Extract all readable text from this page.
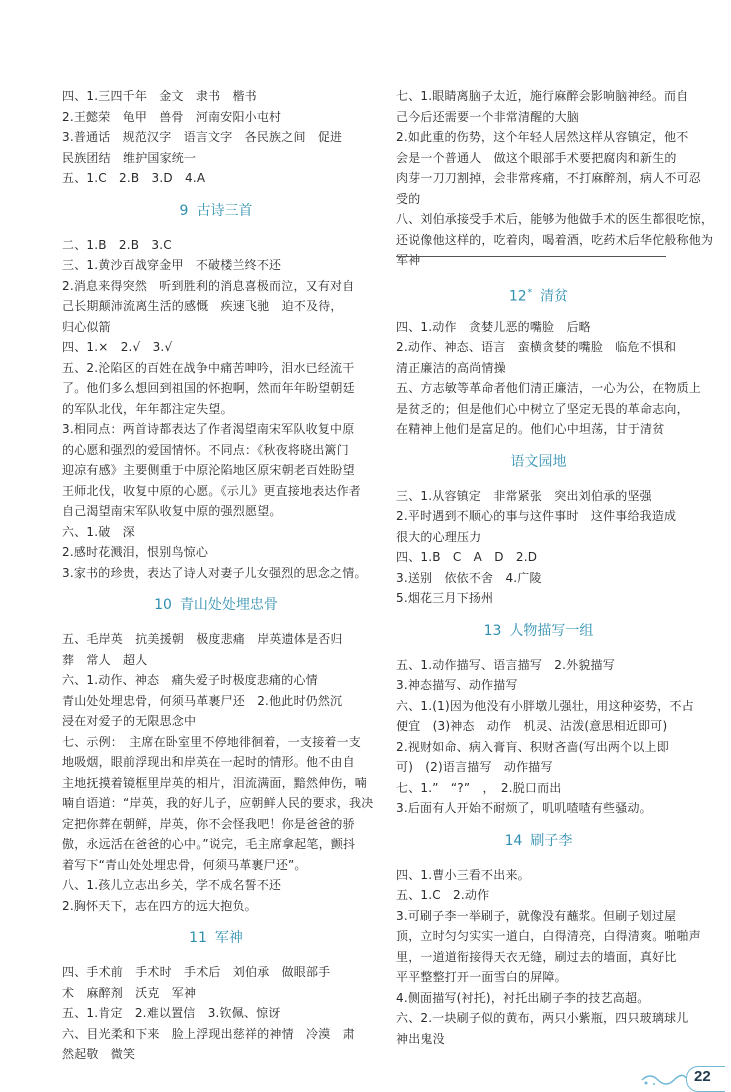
四、1.三四千年　金文　隶书　楷书
2.王懿荣　龟甲　兽骨　河南安阳小屯村
3.普通话　规范汉字　语言文字　各民族之间　促进
民族团结　维护国家统一
五、1.C　2.B　3.D　4.A
9 古诗三首
二、1.B　2.B　3.C
三、1.黄沙百战穿金甲　不破楼兰终不还
2.消息来得突然　听到胜利的消息喜极而泣，又有对自
己长期颠沛流离生活的感慨　疾速飞驰　迫不及待，
归心似箭
四、1.×　2.√　3.√
五、2.沦陷区的百姓在战争中痛苦呻吟，泪水已经流干
了。他们多么想回到祖国的怀抱啊，然而年年盼望朝廷
的军队北伐，年年都注定失望。
3.相同点：两首诗都表达了作者渴望南宋军队收复中原
的心愿和强烈的爱国情怀。不同点：《秋夜将晓出篱门
迎凉有感》主要侧重于中原沦陷地区原宋朝老百姓盼望
王师北伐，收复中原的心愿。《示儿》更直接地表达作者
自己渴望南宋军队收复中原的强烈愿望。
六、1.破　深
2.感时花溅泪，恨别鸟惊心
3.家书的珍贵，表达了诗人对妻子儿女强烈的思念之情。
10 青山处处埋忠骨
五、毛岸英　抗美援朝　极度悲痛　岸英遗体是否归
葬　常人　超人
六、1.动作、神态　痛失爱子时极度悲痛的心情
青山处处埋忠骨，何须马革裹尸还　2.他此时仍然沉
浸在对爱子的无限思念中
七、示例：　主席在卧室里不停地徘徊着，一支接着一支
地吸烟，眼前浮现出和岸英在一起时的情形。他不由自
主地抚摸着镜框里岸英的相片，泪流满面，黯然伸伤，喃
喃自语道：“岸英，我的好儿子，应朝鲜人民的要求，我决
定把你葬在朝鲜，岸英，你不会怪我吧！你是爸爸的骄
傲，永远活在爸爸的心中。”说完，毛主席拿起笔，颤抖
着写下“青山处处埋忠骨，何须马革裹尸还”。
八、1.孩儿立志出乡关，学不成名誓不还
2.胸怀天下，志在四方的远大抱负。
11 军神
四、手术前　手术时　手术后　刘伯承　做眼部手
术　麻醉剂　沃克　军神
五、1.肯定　2.难以置信　3.钦佩、惊讶
六、目光柔和下来　脸上浮现出慈祥的神情　冷漠　肃
然起敬　微笑
七、1.眼睛离脑子太近，施行麻醉会影响脑神经。而自
己今后还需要一个非常清醒的大脑
2.如此重的伤势，这个年轻人居然这样从容镇定，他不
会是一个普通人　做这个眼部手术要把腐肉和新生的
肉芽一刀刀割掉，会非常疼痛，不打麻醉剂，病人不可忍
受的
八、刘伯承接受手术后，能够为他做手术的医生都很吃惊，
还说像他这样的，吃着肉，喝着酒，吃药术后华佗般称他为
军神
12* 清贫
四、1.动作　贪婪儿恶的嘴脸　后略
2.动作、神态、语言　蛮横贪婪的嘴脸　临危不惧和
清正廉洁的高尚情操
五、方志敏等革命者他们清正廉洁，一心为公，在物质上
是贫乏的；但是他们心中树立了坚定无畏的革命志向，
在精神上他们是富足的。他们心中坦荡，甘于清贫
语文园地
三、1.从容镇定　非常紧张　突出刘伯承的坚强
2.平时遇到不顺心的事与这件事时　这件事给我造成
很大的心理压力
四、1.B　C　A　D　2.D
3.送别　依依不舍　4.广陵
5.烟花三月下扬州
13 人物描写一组
五、1.动作描写、语言描写　2.外貌描写
3.神态描写、动作描写
六、1.(1)因为他没有小胖墩儿强壮，用这种姿势，不占
便宜　(3)神态　动作　机灵、沽泼(意思相近即可)
2.视财如命、病入膏肓、积财吝啬(写出两个以上即
可)　(2)语言描写　动作描写
七、1.”　“?”　，　2.脱口而出
3.后面有人开始不耐烦了，叽叽喳喳有些骚动。
14 刷子李
四、1.曹小三看不出来。
五、1.C　2.动作
3.可刷子李一举刷子，就像没有蘸浆。但刷子划过屋
顶，立时匀匀实实一道白，白得清亮，白得清爽。啪啪声
里，一道道衔接得天衣无缝，刷过去的墙面，真好比
平平整整打开一面雪白的屏障。
4.侧面描写(衬托)，衬托出刷子李的技艺高超。
六、2.一块刷子似的黄布，两只小紫瓶，四只玻璃球儿
神出鬼没
22
